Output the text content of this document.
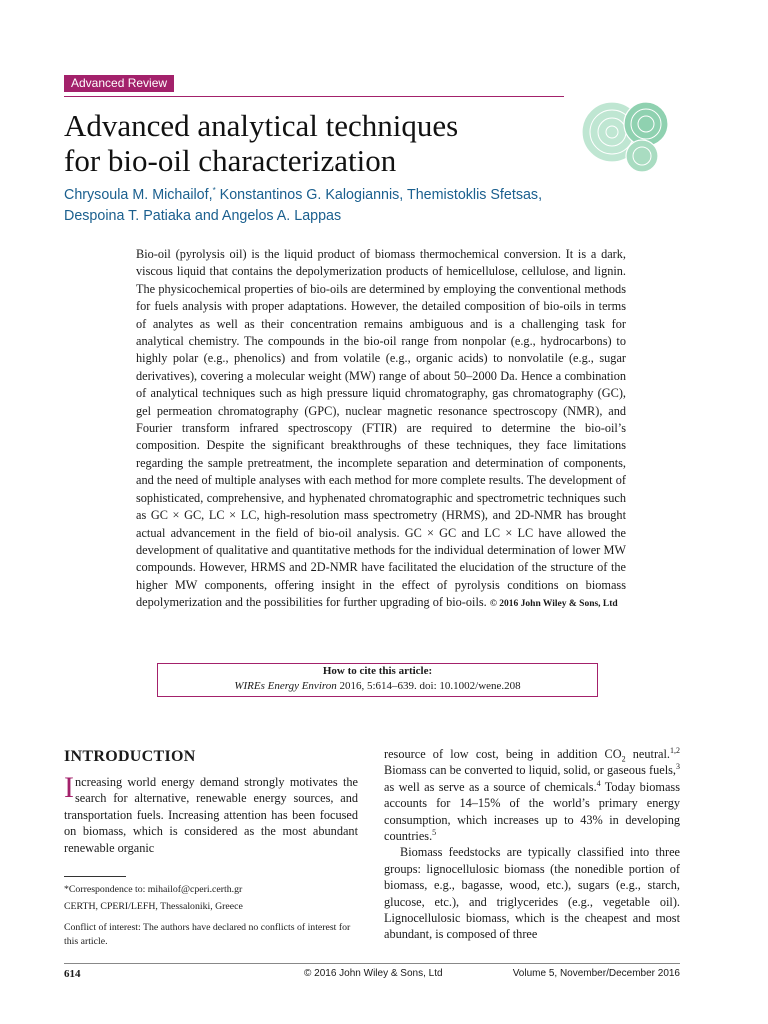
Advanced Review
Advanced analytical techniques
for bio-oil characterization

Chrysoula M. Michailof,* Konstantinos G. Kalogiannis, Themistoklis Sfetsas,
Despoina T. Patiaka and Angelos A. Lappas

Bio-oil (pyrolysis oil) is the liquid product of biomass thermochemical conversion. It is a dark, viscous liquid that contains the depolymerization products of hemicellulose, cellulose, and lignin. The physicochemical properties of bio-oils are determined by employing the conventional methods for fuels analysis with proper adaptations. However, the detailed composition of bio-oils in terms of analytes as well as their concentration remains ambiguous and is a challenging task for analytical chemistry. The compounds in the bio-oil range from nonpolar (e.g., hydrocarbons) to highly polar (e.g., phenolics) and from volatile (e.g., organic acids) to nonvolatile (e.g., sugar derivatives), covering a molecular weight (MW) range of about 50–2000 Da. Hence a combination of analytical techniques such as high pressure liquid chromatography, gas chromatography (GC), gel permeation chromatography (GPC), nuclear magnetic resonance spectroscopy (NMR), and Fourier transform infrared spectroscopy (FTIR) are required to determine the bio-oil’s composition. Despite the significant breakthroughs of these techniques, they face limitations regarding the sample pretreatment, the incomplete separation and determination of components, and the need of multiple analyses with each method for more complete results. The development of sophisticated, comprehensive, and hyphenated chromatographic and spectrometric techniques such as GC × GC, LC × LC, high-resolution mass spectrometry (HRMS), and 2D-NMR has brought actual advancement in the field of bio-oil analysis. GC × GC and LC × LC have allowed the development of qualitative and quantitative methods for the individual determination of lower MW compounds. However, HRMS and 2D-NMR have facilitated the elucidation of the structure of the higher MW components, offering insight in the effect of pyrolysis conditions on biomass depolymerization and the possibilities for further upgrading of bio-oils. © 2016 John Wiley & Sons, Ltd

How to cite this article:
WIREs Energy Environ 2016, 5:614–639. doi: 10.1002/wene.208
INTRODUCTION

Increasing world energy demand strongly motivates the search for alternative, renewable energy sources, and transportation fuels. Increasing attention has been focused on biomass, which is considered as the most abundant renewable organic

*Correspondence to: mihailof@cperi.certh.gr

CERTH, CPERI/LEFH, Thessaloniki, Greece

Conflict of interest: The authors have declared no conflicts of interest for this article.

resource of low cost, being in addition $CO_2$ neutral.$^{1,2}$ Biomass can be converted to liquid, solid, or gaseous fuels,$^3$ as well as serve as a source of chemicals.$^4$ Today biomass accounts for 14–15% of the world’s primary energy consumption, which increases up to 43% in developing countries.$^5$

Biomass feedstocks are typically classified into three groups: lignocellulosic biomass (the nonedible portion of biomass, e.g., bagasse, wood, etc.), sugars (e.g., starch, glucose, etc.), and triglycerides (e.g., vegetable oil). Lignocellulosic biomass, which is the cheapest and most abundant, is composed of three

614	© 2016 John Wiley & Sons, Ltd	Volume 5, November/December 2016
